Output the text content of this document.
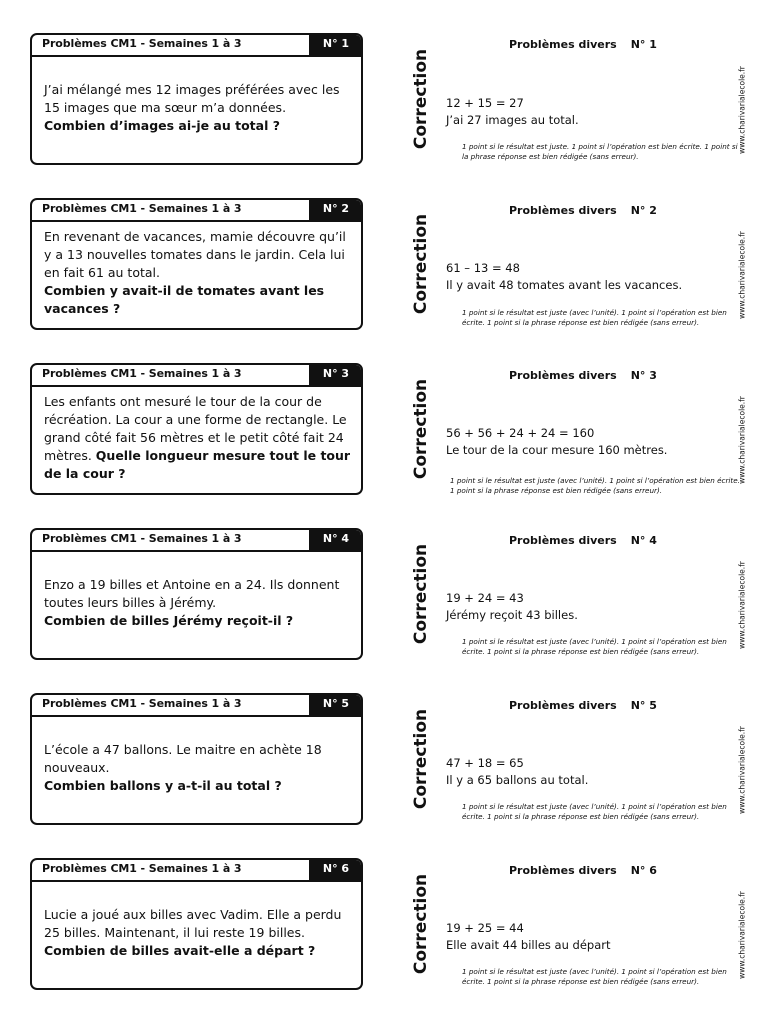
Problèmes CM1 - Semaines 1 à 3	N° 1
J’ai mélangé mes 12 images préférées avec les 15 images que ma sœur m’a données.
Combien d’images ai-je au total ?
Problèmes CM1 - Semaines 1 à 3	N° 2
En revenant de vacances, mamie découvre qu’il y a 13 nouvelles tomates dans le jardin. Cela lui en fait 61 au total.
Combien y avait-il de tomates avant les vacances ?
Problèmes CM1 - Semaines 1 à 3	N° 3
Les enfants ont mesuré le tour de la cour de récréation. La cour a une forme de rectangle. Le grand côté fait 56 mètres et le petit côté fait 24 mètres. Quelle longueur mesure tout le tour de la cour ?
Problèmes CM1 - Semaines 1 à 3	N° 4
Enzo a 19 billes et Antoine en a 24. Ils donnent toutes leurs billes à Jérémy.
Combien de billes Jérémy reçoit-il ?
Problèmes CM1 - Semaines 1 à 3	N° 5
L’école a 47 ballons. Le maitre en achète 18 nouveaux.
Combien ballons y a-t-il au total ?
Problèmes CM1 - Semaines 1 à 3	N° 6
Lucie a joué aux billes avec Vadim. Elle a perdu 25 billes. Maintenant, il lui reste 19 billes.
Combien de billes avait-elle a départ ?
Correction
Problèmes divers N° 1
12 + 15 = 27
J’ai 27 images au total.
1 point si le résultat est juste. 1 point si l’opération est bien écrite. 1 point si la phrase réponse est bien rédigée (sans erreur).
www.charivarialecole.fr
Correction
Problèmes divers N° 2
61 – 13 = 48
Il y avait 48 tomates avant les vacances.
1 point si le résultat est juste (avec l’unité). 1 point si l’opération est bien écrite. 1 point si la phrase réponse est bien rédigée (sans erreur).
www.charivarialecole.fr
Correction
Problèmes divers N° 3
56 + 56 + 24 + 24 = 160
Le tour de la cour mesure 160 mètres.
1 point si le résultat est juste (avec l’unité). 1 point si l’opération est bien écrite. 1 point si la phrase réponse est bien rédigée (sans erreur).
www.charivarialecole.fr
Correction
Problèmes divers N° 4
19 + 24 = 43
Jérémy reçoit 43 billes.
1 point si le résultat est juste (avec l’unité). 1 point si l’opération est bien écrite. 1 point si la phrase réponse est bien rédigée (sans erreur).
www.charivarialecole.fr
Correction
Problèmes divers N° 5
47 + 18 = 65
Il y a 65 ballons au total.
1 point si le résultat est juste (avec l’unité). 1 point si l’opération est bien écrite. 1 point si la phrase réponse est bien rédigée (sans erreur).
www.charivarialecole.fr
Correction
Problèmes divers N° 6
19 + 25 = 44
Elle avait 44 billes au départ
1 point si le résultat est juste (avec l’unité). 1 point si l’opération est bien écrite. 1 point si la phrase réponse est bien rédigée (sans erreur).
www.charivarialecole.fr
